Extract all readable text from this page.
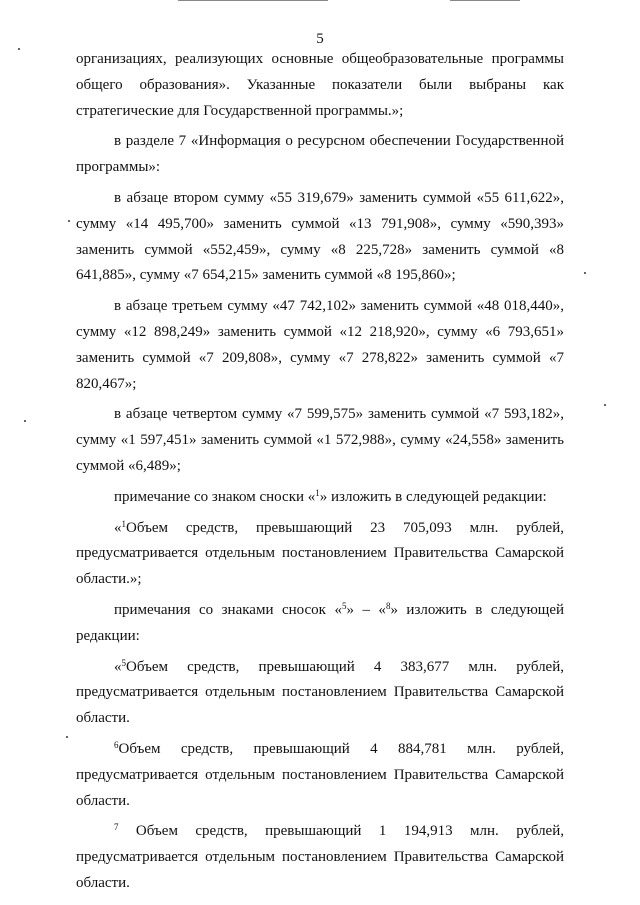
5

организациях, реализующих основные общеобразовательные программы общего образования». Указанные показатели были выбраны как стратегические для Государственной программы.»;

в разделе 7 «Информация о ресурсном обеспечении Государственной программы»:

в абзаце втором сумму «55 319,679» заменить суммой «55 611,622», сумму «14 495,700» заменить суммой «13 791,908», сумму «590,393» заменить суммой «552,459», сумму «8 225,728» заменить суммой «8 641,885», сумму «7 654,215» заменить суммой «8 195,860»;

в абзаце третьем сумму «47 742,102» заменить суммой «48 018,440», сумму «12 898,249» заменить суммой «12 218,920», сумму «6 793,651» заменить суммой «7 209,808», сумму «7 278,822» заменить суммой «7 820,467»;

в абзаце четвертом сумму «7 599,575» заменить суммой «7 593,182», сумму «1 597,451» заменить суммой «1 572,988», сумму «24,558» заменить суммой «6,489»;

примечание со знаком сноски «$^1$» изложить в следующей редакции:

«$^1$Объем средств, превышающий 23 705,093 млн. рублей, предусматривается отдельным постановлением Правительства Самарской области.»;

примечания со знаками сносок «$^5$» – «$^8$» изложить в следующей редакции:

«$^5$Объем средств, превышающий 4 383,677 млн. рублей, предусматривается отдельным постановлением Правительства Самарской области.

$^6$Объем средств, превышающий 4 884,781 млн. рублей, предусматривается отдельным постановлением Правительства Самарской области.

$^7$ Объем средств, превышающий 1 194,913 млн. рублей, предусматривается отдельным постановлением Правительства Самарской области.
